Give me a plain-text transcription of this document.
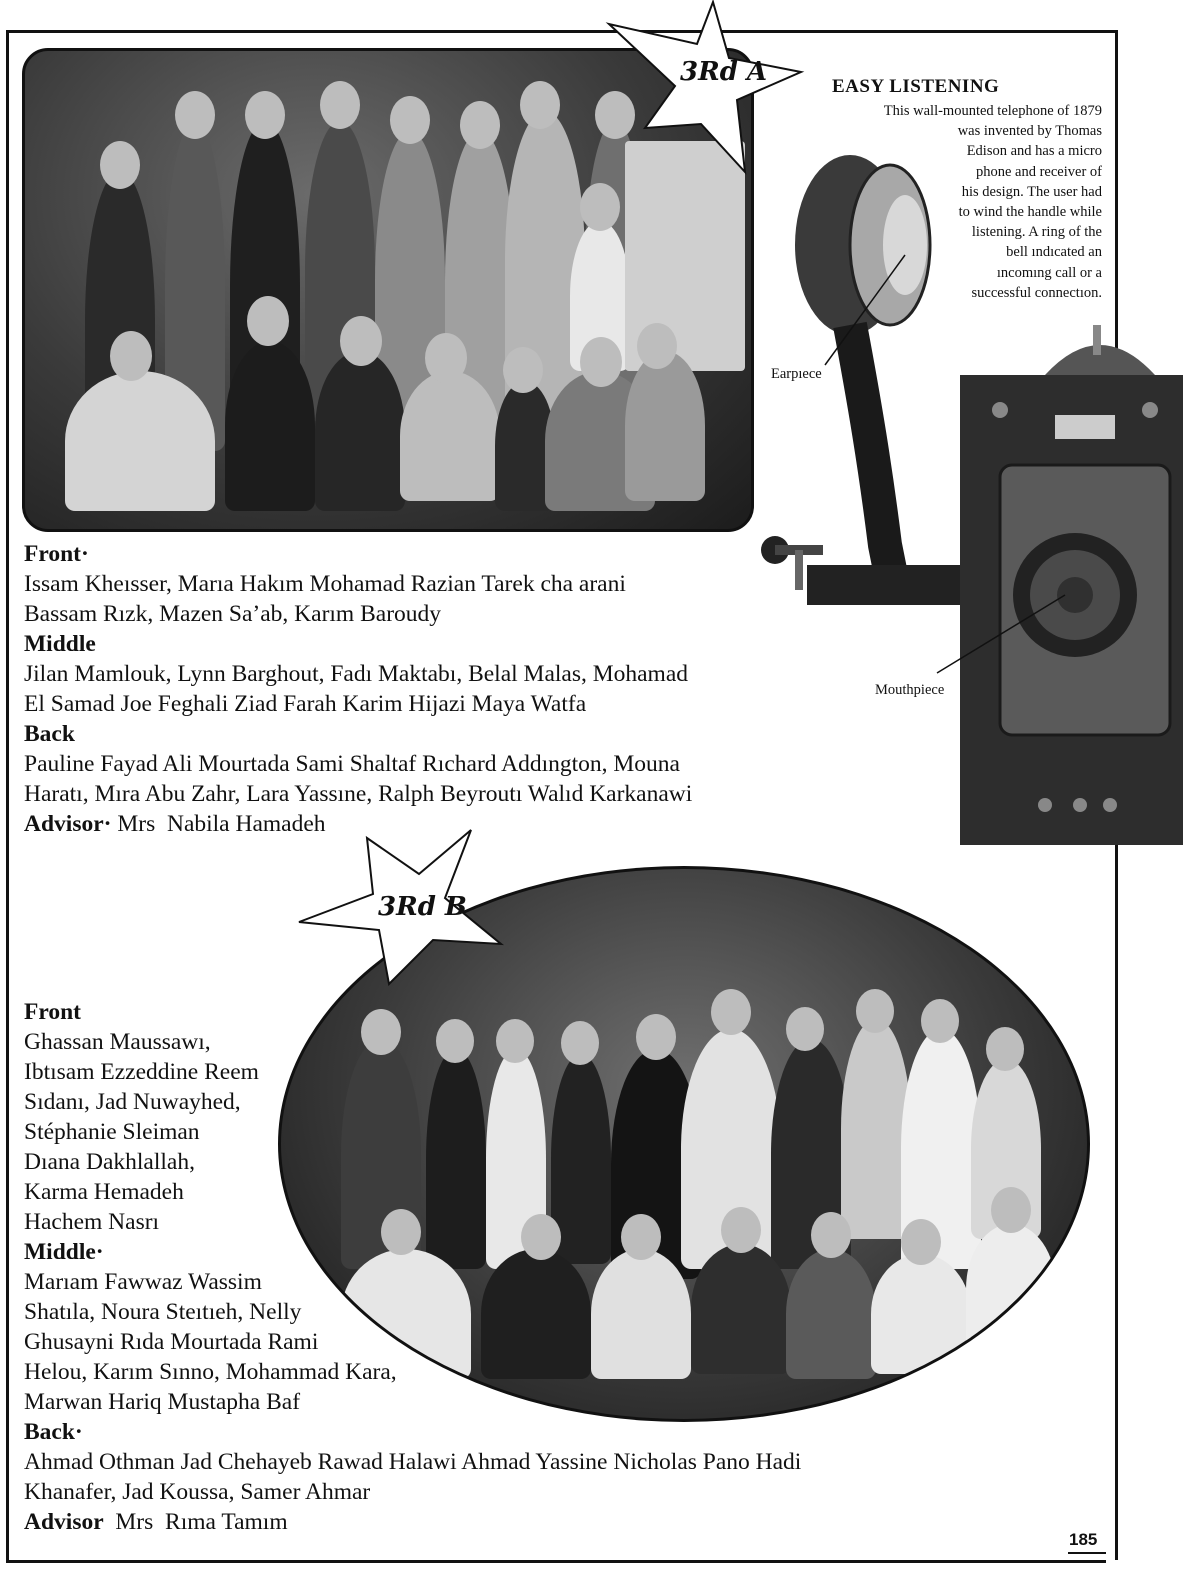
3Rd A
Front·
Issam Kheısser, Marıa Hakım Mohamad Razian Tarek cha arani
Bassam Rızk, Mazen Sa’ab, Karım Baroudy
Middle
Jilan Mamlouk, Lynn Barghout, Fadı Maktabı, Belal Malas, Mohamad
El Samad Joe Feghali Ziad Farah Karim Hijazi Maya Watfa
Back
Pauline Fayad Ali Mourtada Sami Shaltaf Rıchard Addıngton, Mouna
Haratı, Mıra Abu Zahr, Lara Yassıne, Ralph Beyroutı Walıd Karkanawi
Advisor· Mrs  Nabila Hamadeh
EASY LISTENING
This wall-mounted telephone of 1879
was invented by Thomas
Edison and has a micro
phone and receiver of
his design. The user had
to wind the handle while
listening. A ring of the
bell ındıcated an
ıncomıng call or a
successful connectıon.
Earpıece
Mouthpiece
3Rd B
Front
Ghassan Maussawı,
Ibtısam Ezzeddine Reem
Sıdanı, Jad Nuwayhed,
Stéphanie Sleiman
Dıana Dakhlallah,
Karma Hemadeh
Hachem Nasrı
Middle·
Marıam Fawwaz Wassim
Shatıla, Noura Steıtıeh, Nelly
Ghusayni Rıda Mourtada Rami
Helou, Karım Sınno, Mohammad Kara,
Marwan Hariq Mustapha Baf
Back·
Ahmad Othman Jad Chehayeb Rawad Halawi Ahmad Yassine Nicholas Pano Hadi
Khanafer, Jad Koussa, Samer Ahmar
Advisor  Mrs  Rıma Tamım
185
